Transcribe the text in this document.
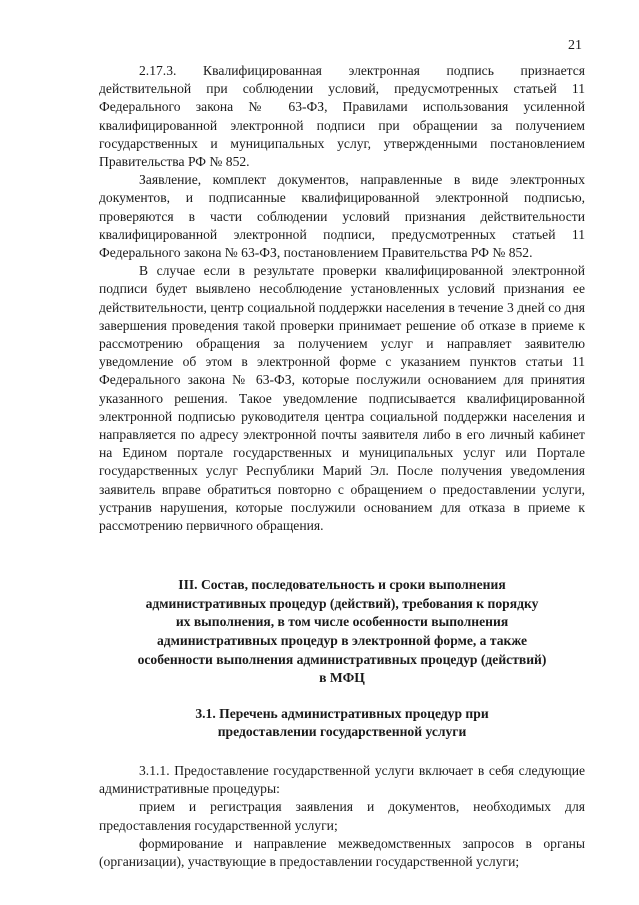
21

2.17.3. Квалифицированная электронная подпись признается действительной при соблюдении условий, предусмотренных статьей 11 Федерального закона № 63-ФЗ, Правилами использования усиленной квалифицированной электронной подписи при обращении за получением государственных и муниципальных услуг, утвержденными постановлением Правительства РФ № 852.

Заявление, комплект документов, направленные в виде электронных документов, и подписанные квалифицированной электронной подписью, проверяются в части соблюдении условий признания действительности квалифицированной электронной подписи, предусмотренных статьей 11 Федерального закона № 63-ФЗ, постановлением Правительства РФ № 852.

В случае если в результате проверки квалифицированной электронной подписи будет выявлено несоблюдение установленных условий признания ее действительности, центр социальной поддержки населения в течение 3 дней со дня завершения проведения такой проверки принимает решение об отказе в приеме к рассмотрению обращения за получением услуг и направляет заявителю уведомление об этом в электронной форме с указанием пунктов статьи 11 Федерального закона № 63-ФЗ, которые послужили основанием для принятия указанного решения. Такое уведомление подписывается квалифицированной электронной подписью руководителя центра социальной поддержки населения и направляется по адресу электронной почты заявителя либо в его личный кабинет на Едином портале государственных и муниципальных услуг или Портале государственных услуг Республики Марий Эл. После получения уведомления заявитель вправе обратиться повторно с обращением о предоставлении услуги, устранив нарушения, которые послужили основанием для отказа в приеме к рассмотрению первичного обращения.

III. Состав, последовательность и сроки выполнения административных процедур (действий), требования к порядку их выполнения, в том числе особенности выполнения административных процедур в электронной форме, а также особенности выполнения административных процедур (действий) в МФЦ

3.1. Перечень административных процедур при предоставлении государственной услуги

3.1.1. Предоставление государственной услуги включает в себя следующие административные процедуры:

прием и регистрация заявления и документов, необходимых для предоставления государственной услуги;

формирование и направление межведомственных запросов в органы (организации), участвующие в предоставлении государственной услуги;
